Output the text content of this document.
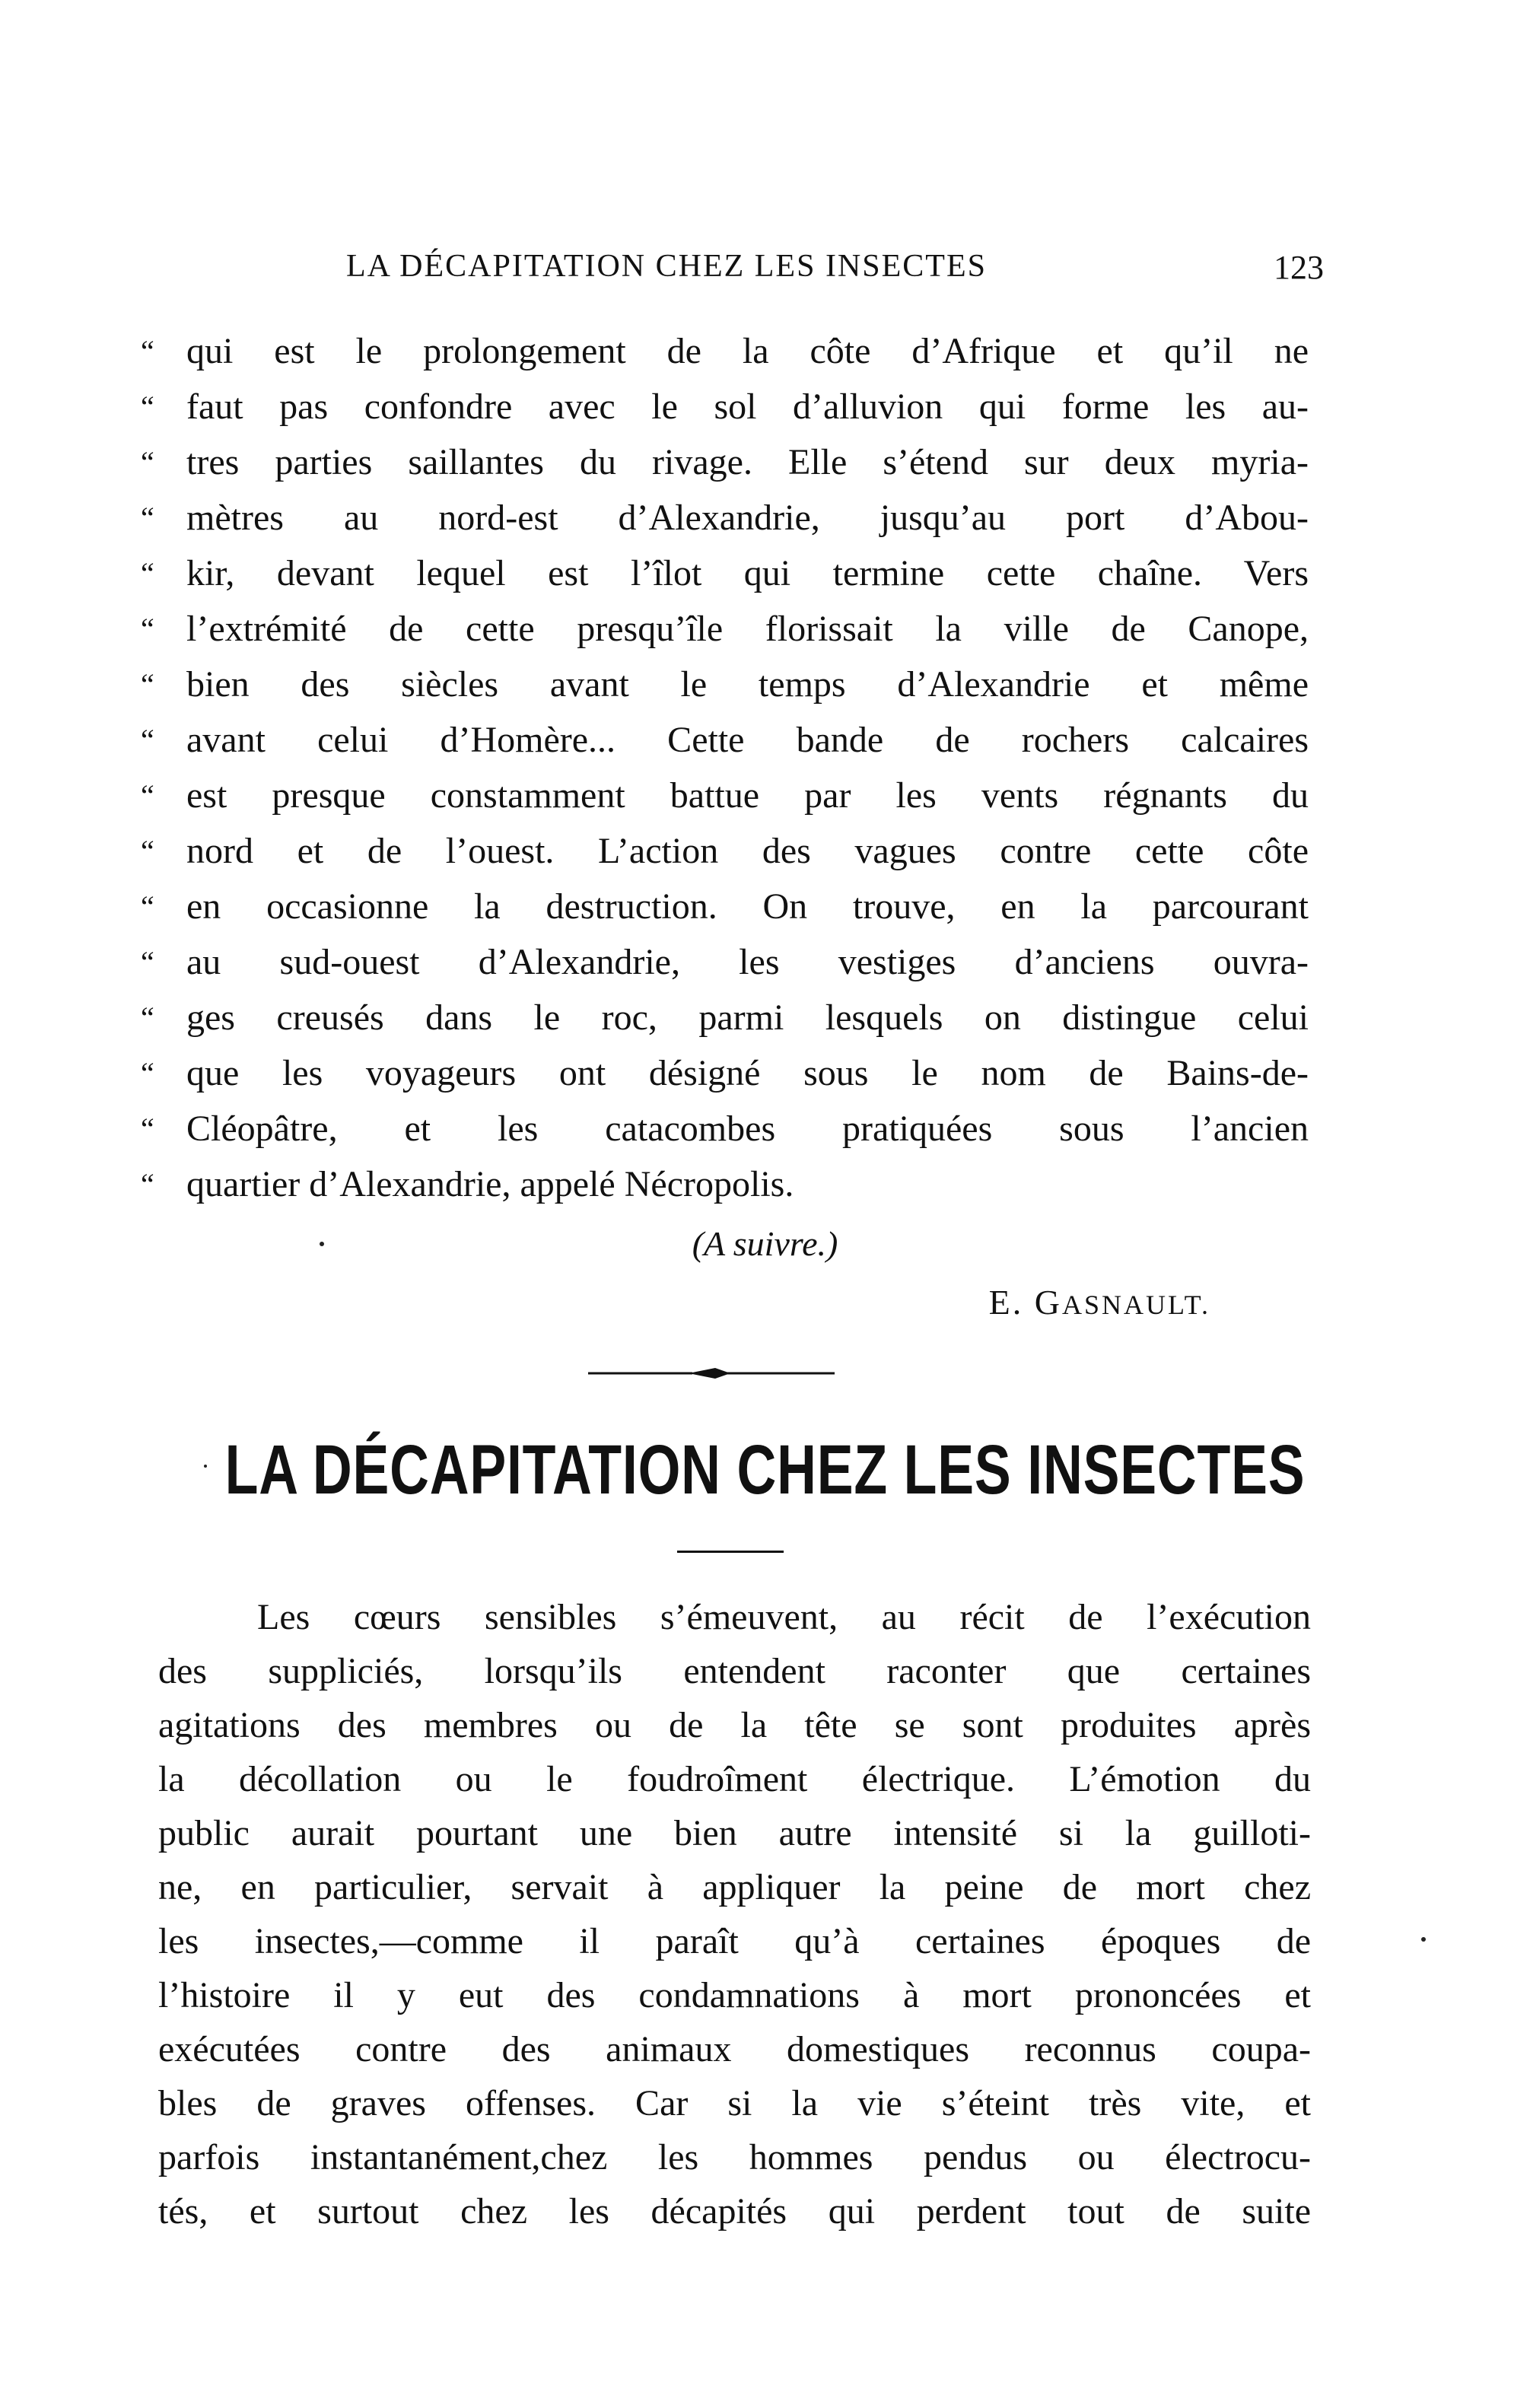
LA DÉCAPITATION CHEZ LES INSECTES	123
“ qui est le prolongement de la côte d’Afrique et qu’il ne
“ faut pas confondre avec le sol d’alluvion qui forme les au-
“ tres parties saillantes du rivage. Elle s’étend sur deux myria-
“ mètres au nord-est d’Alexandrie, jusqu’au port d’Abou-
“ kir, devant lequel est l’îlot qui termine cette chaîne. Vers
“ l’extrémité de cette presqu’île florissait la ville de Canope,
“ bien des siècles avant le temps d’Alexandrie et même
“ avant celui d’Homère... Cette bande de rochers calcaires
“ est presque constamment battue par les vents régnants du
“ nord et de l’ouest. L’action des vagues contre cette côte
“ en occasionne la destruction. On trouve, en la parcourant
“ au sud-ouest d’Alexandrie, les vestiges d’anciens ouvra-
“ ges creusés dans le roc, parmi lesquels on distingue celui
“ que les voyageurs ont désigné sous le nom de Bains-de-
“ Cléopâtre, et les catacombes pratiquées sous l’ancien
“ quartier d’Alexandrie, appelé Nécropolis.
(A suivre.)
E. GASNAULT.
LA DÉCAPITATION CHEZ LES INSECTES
Les cœurs sensibles s’émeuvent, au récit de l’exécution
des suppliciés, lorsqu’ils entendent raconter que certaines
agitations des membres ou de la tête se sont produites après
la décollation ou le foudroîment électrique. L’émotion du
public aurait pourtant une bien autre intensité si la guilloti-
ne, en particulier, servait à appliquer la peine de mort chez
les insectes,—comme il paraît qu’à certaines époques de
l’histoire il y eut des condamnations à mort prononcées et
exécutées contre des animaux domestiques reconnus coupa-
bles de graves offenses. Car si la vie s’éteint très vite, et
parfois instantanément,chez les hommes pendus ou électrocu-
tés, et surtout chez les décapités qui perdent tout de suite
